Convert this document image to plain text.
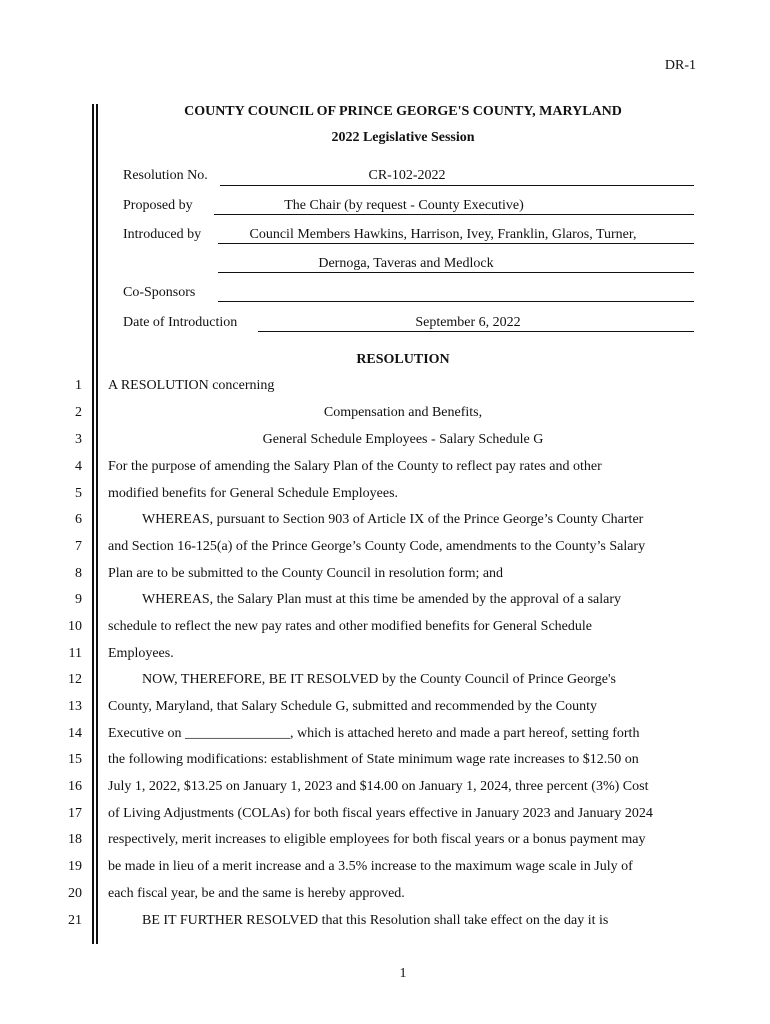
DR-1
COUNTY COUNCIL OF PRINCE GEORGE'S COUNTY, MARYLAND
2022 Legislative Session
Resolution No.	CR-102-2022
Proposed by	The Chair (by request - County Executive)
Introduced by	Council Members Hawkins, Harrison, Ivey, Franklin, Glaros, Turner,
Dernoga, Taveras and Medlock
Co-Sponsors
Date of Introduction	September 6, 2022
RESOLUTION
1
2
3
4
5
6
7
8
9
10
11
12
13
14
15
16
17
18
19
20
21
A RESOLUTION concerning
Compensation and Benefits,
General Schedule Employees - Salary Schedule G
For the purpose of amending the Salary Plan of the County to reflect pay rates and other
modified benefits for General Schedule Employees.
WHEREAS, pursuant to Section 903 of Article IX of the Prince George’s County Charter
and Section 16-125(a) of the Prince George’s County Code, amendments to the County’s Salary
Plan are to be submitted to the County Council in resolution form; and
WHEREAS, the Salary Plan must at this time be amended by the approval of a salary
schedule to reflect the new pay rates and other modified benefits for General Schedule
Employees.
NOW, THEREFORE, BE IT RESOLVED by the County Council of Prince George's
County, Maryland, that Salary Schedule G, submitted and recommended by the County
Executive on _______________, which is attached hereto and made a part hereof, setting forth
the following modifications: establishment of State minimum wage rate increases to $12.50 on
July 1, 2022, $13.25 on January 1, 2023 and $14.00 on January 1, 2024, three percent (3%) Cost
of Living Adjustments (COLAs) for both fiscal years effective in January 2023 and January 2024
respectively, merit increases to eligible employees for both fiscal years or a bonus payment may
be made in lieu of a merit increase and a 3.5% increase to the maximum wage scale in July of
each fiscal year, be and the same is hereby approved.
BE IT FURTHER RESOLVED that this Resolution shall take effect on the day it is
1
